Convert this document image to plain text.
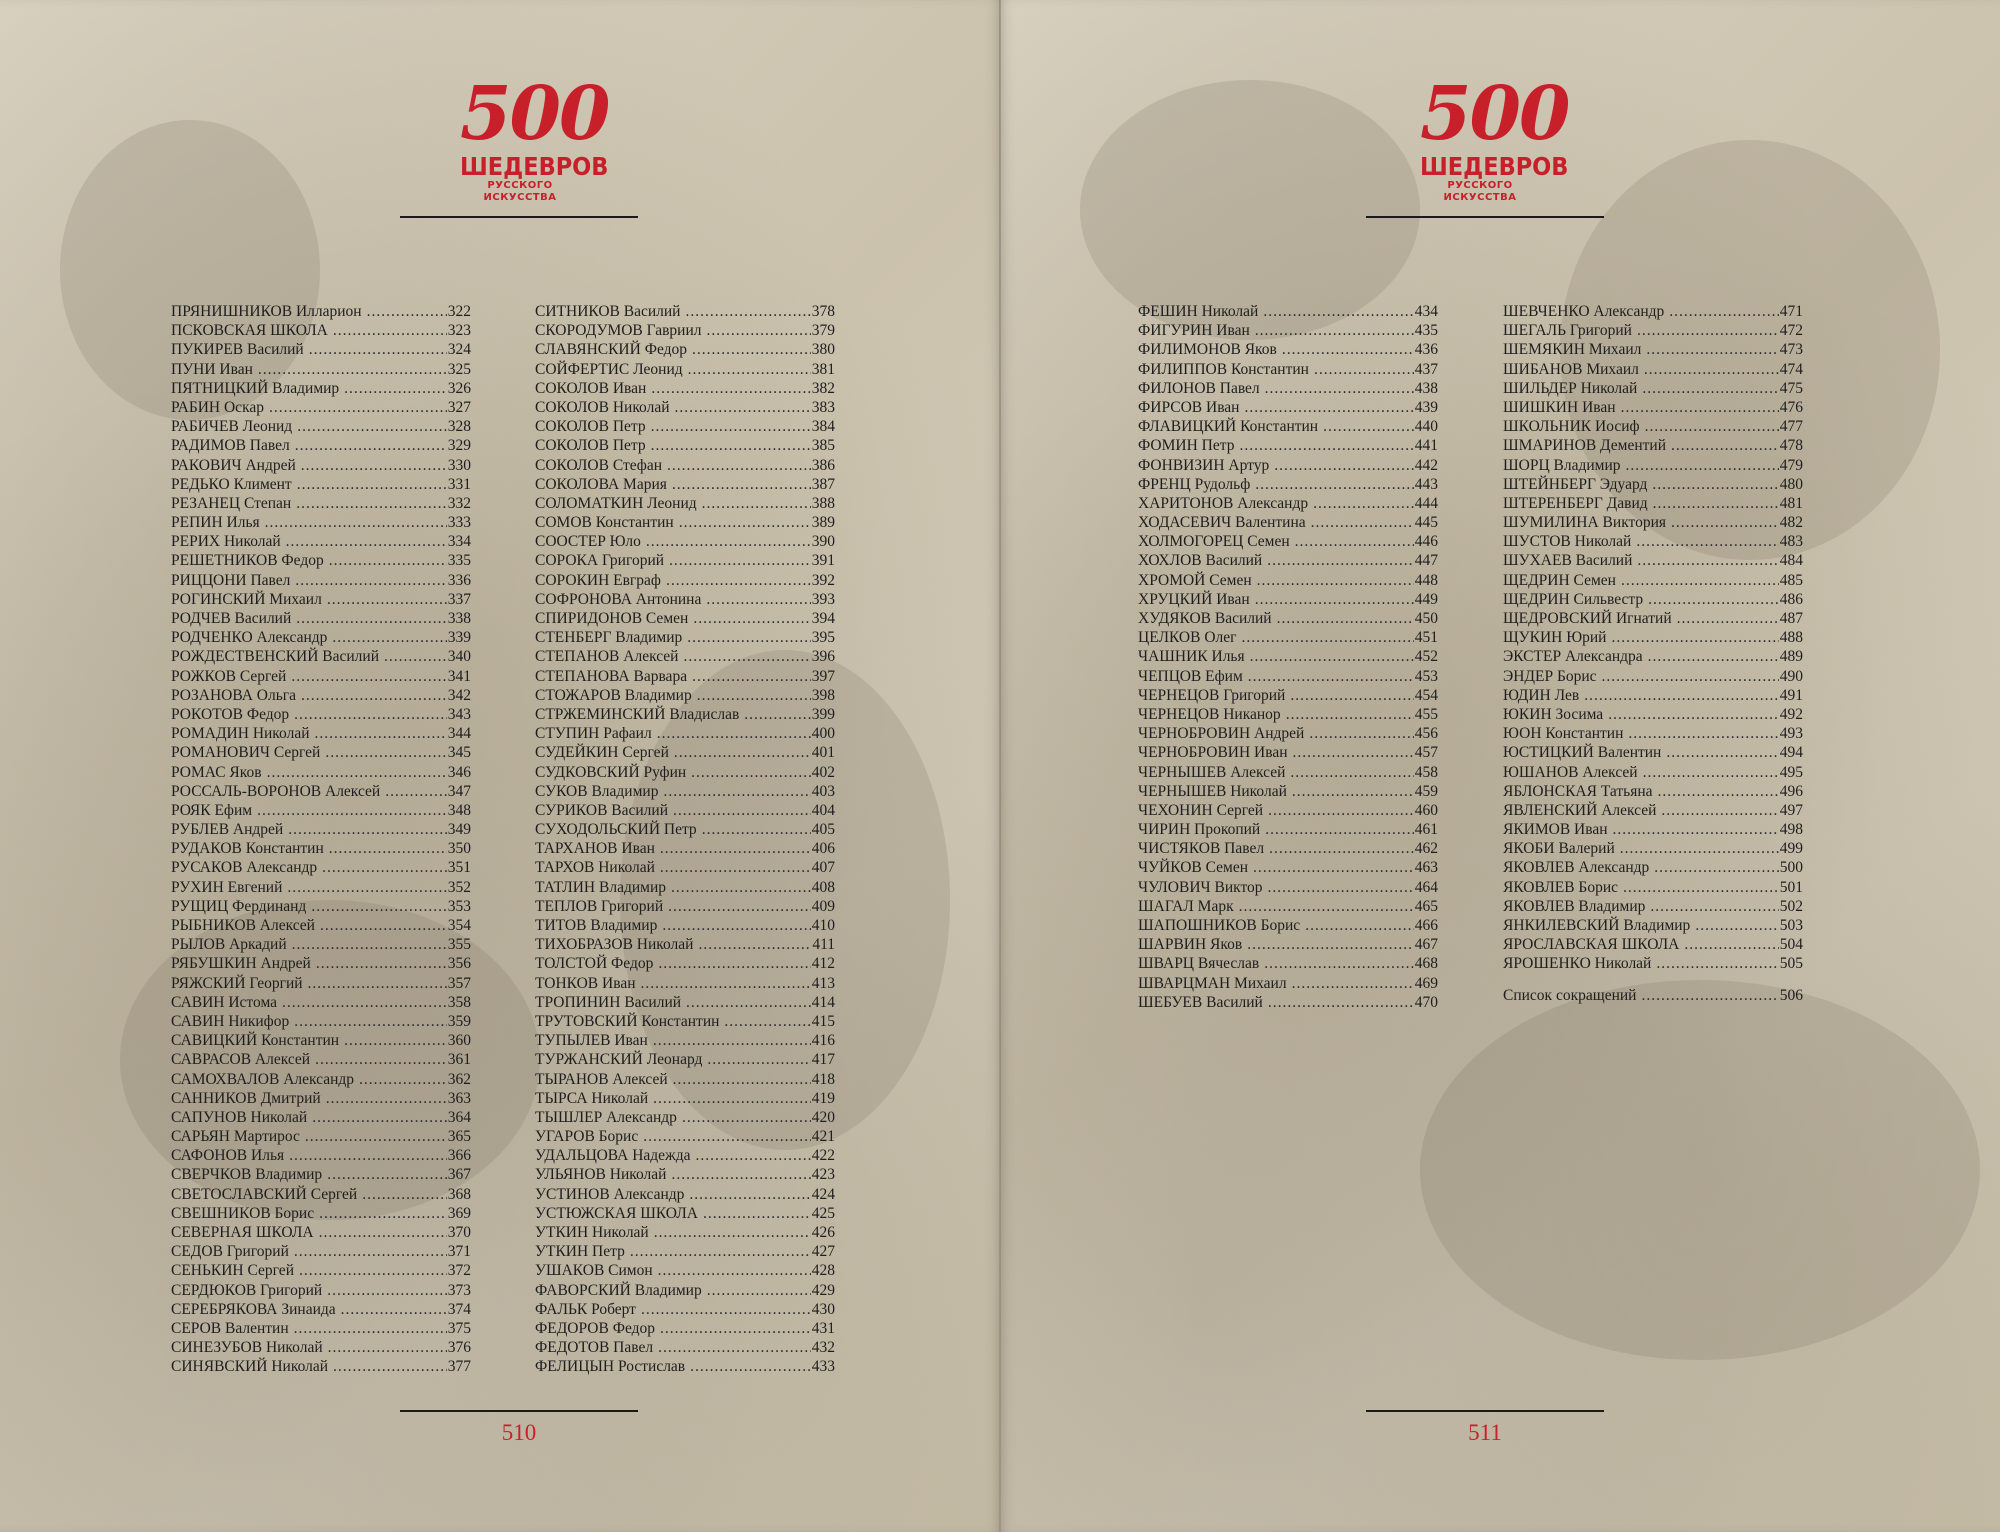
500
ШЕДЕВРОВ
РУССКОГО ИСКУССТВА
ПРЯНИШНИКОВ Илларион .....	322
ПСКОВСКАЯ ШКОЛА .....	323
ПУКИРЕВ Василий .....	324
ПУНИ Иван .....	325
ПЯТНИЦКИЙ Владимир .....	326
РАБИН Оскар .....	327
РАБИЧЕВ Леонид .....	328
РАДИМОВ Павел .....	329
РАКОВИЧ Андрей .....	330
РЕДЬКО Климент .....	331
РЕЗАНЕЦ Степан .....	332
РЕПИН Илья .....	333
РЕРИХ Николай .....	334
РЕШЕТНИКОВ Федор .....	335
РИЦЦОНИ Павел .....	336
РОГИНСКИЙ Михаил .....	337
РОДЧЕВ Василий .....	338
РОДЧЕНКО Александр .....	339
РОЖДЕСТВЕНСКИЙ Василий .....	340
РОЖКОВ Сергей .....	341
РОЗАНОВА Ольга .....	342
РОКОТОВ Федор .....	343
РОМАДИН Николай .....	344
РОМАНОВИЧ Сергей .....	345
РОМАС Яков .....	346
РОССАЛЬ-ВОРОНОВ Алексей .....	347
РОЯК Ефим .....	348
РУБЛЕВ Андрей .....	349
РУДАКОВ Константин .....	350
РУСАКОВ Александр .....	351
РУХИН Евгений .....	352
РУЩИЦ Фердинанд .....	353
РЫБНИКОВ Алексей .....	354
РЫЛОВ Аркадий .....	355
РЯБУШКИН Андрей .....	356
РЯЖСКИЙ Георгий .....	357
САВИН Истома .....	358
САВИН Никифор .....	359
САВИЦКИЙ Константин .....	360
САВРАСОВ Алексей .....	361
САМОХВАЛОВ Александр .....	362
САННИКОВ Дмитрий .....	363
САПУНОВ Николай .....	364
САРЬЯН Мартирос .....	365
САФОНОВ Илья .....	366
СВЕРЧКОВ Владимир .....	367
СВЕТОСЛАВСКИЙ Сергей .....	368
СВЕШНИКОВ Борис .....	369
СЕВЕРНАЯ ШКОЛА .....	370
СЕДОВ Григорий .....	371
СЕНЬКИН Сергей .....	372
СЕРДЮКОВ Григорий .....	373
СЕРЕБРЯКОВА Зинаида .....	374
СЕРОВ Валентин .....	375
СИНЕЗУБОВ Николай .....	376
СИНЯВСКИЙ Николай .....	377
СИТНИКОВ Василий .....	378
СКОРОДУМОВ Гавриил .....	379
СЛАВЯНСКИЙ Федор .....	380
СОЙФЕРТИС Леонид .....	381
СОКОЛОВ Иван .....	382
СОКОЛОВ Николай .....	383
СОКОЛОВ Петр .....	384
СОКОЛОВ Петр .....	385
СОКОЛОВ Стефан .....	386
СОКОЛОВА Мария .....	387
СОЛОМАТКИН Леонид .....	388
СОМОВ Константин .....	389
СООСТЕР Юло .....	390
СОРОКА Григорий .....	391
СОРОКИН Евграф .....	392
СОФРОНОВА Антонина .....	393
СПИРИДОНОВ Семен .....	394
СТЕНБЕРГ Владимир .....	395
СТЕПАНОВ Алексей .....	396
СТЕПАНОВА Варвара .....	397
СТОЖАРОВ Владимир .....	398
СТРЖЕМИНСКИЙ Владислав .....	399
СТУПИН Рафаил .....	400
СУДЕЙКИН Сергей .....	401
СУДКОВСКИЙ Руфин .....	402
СУКОВ Владимир .....	403
СУРИКОВ Василий .....	404
СУХОДОЛЬСКИЙ Петр .....	405
ТАРХАНОВ Иван .....	406
ТАРХОВ Николай .....	407
ТАТЛИН Владимир .....	408
ТЕПЛОВ Григорий .....	409
ТИТОВ Владимир .....	410
ТИХОБРАЗОВ Николай .....	411
ТОЛСТОЙ Федор .....	412
ТОНКОВ Иван .....	413
ТРОПИНИН Василий .....	414
ТРУТОВСКИЙ Константин .....	415
ТУПЫЛЕВ Иван .....	416
ТУРЖАНСКИЙ Леонард .....	417
ТЫРАНОВ Алексей .....	418
ТЫРСА Николай .....	419
ТЫШЛЕР Александр .....	420
УГАРОВ Борис .....	421
УДАЛЬЦОВА Надежда .....	422
УЛЬЯНОВ Николай .....	423
УСТИНОВ Александр .....	424
УСТЮЖСКАЯ ШКОЛА .....	425
УТКИН Николай .....	426
УТКИН Петр .....	427
УШАКОВ Симон .....	428
ФАВОРСКИЙ Владимир .....	429
ФАЛЬК Роберт .....	430
ФЕДОРОВ Федор .....	431
ФЕДОТОВ Павел .....	432
ФЕЛИЦЫН Ростислав .....	433
510
500
ШЕДЕВРОВ
РУССКОГО ИСКУССТВА
ФЕШИН Николай .....	434
ФИГУРИН Иван .....	435
ФИЛИМОНОВ Яков .....	436
ФИЛИППОВ Константин .....	437
ФИЛОНОВ Павел .....	438
ФИРСОВ Иван .....	439
ФЛАВИЦКИЙ Константин .....	440
ФОМИН Петр .....	441
ФОНВИЗИН Артур .....	442
ФРЕНЦ Рудольф .....	443
ХАРИТОНОВ Александр .....	444
ХОДАСЕВИЧ Валентина .....	445
ХОЛМОГОРЕЦ Семен .....	446
ХОХЛОВ Василий .....	447
ХРОМОЙ Семен .....	448
ХРУЦКИЙ Иван .....	449
ХУДЯКОВ Василий .....	450
ЦЕЛКОВ Олег .....	451
ЧАШНИК Илья .....	452
ЧЕПЦОВ Ефим .....	453
ЧЕРНЕЦОВ Григорий .....	454
ЧЕРНЕЦОВ Никанор .....	455
ЧЕРНОБРОВИН Андрей .....	456
ЧЕРНОБРОВИН Иван .....	457
ЧЕРНЫШЕВ Алексей .....	458
ЧЕРНЫШЕВ Николай .....	459
ЧЕХОНИН Сергей .....	460
ЧИРИН Прокопий .....	461
ЧИСТЯКОВ Павел .....	462
ЧУЙКОВ Семен .....	463
ЧУЛОВИЧ Виктор .....	464
ШАГАЛ Марк .....	465
ШАПОШНИКОВ Борис .....	466
ШАРВИН Яков .....	467
ШВАРЦ Вячеслав .....	468
ШВАРЦМАН Михаил .....	469
ШЕБУЕВ Василий .....	470
ШЕВЧЕНКО Александр .....	471
ШЕГАЛЬ Григорий .....	472
ШЕМЯКИН Михаил .....	473
ШИБАНОВ Михаил .....	474
ШИЛЬДЕР Николай .....	475
ШИШКИН Иван .....	476
ШКОЛЬНИК Иосиф .....	477
ШМАРИНОВ Дементий .....	478
ШОРЦ Владимир .....	479
ШТЕЙНБЕРГ Эдуард .....	480
ШТЕРЕНБЕРГ Давид .....	481
ШУМИЛИНА Виктория .....	482
ШУСТОВ Николай .....	483
ШУХАЕВ Василий .....	484
ЩЕДРИН Семен .....	485
ЩЕДРИН Сильвестр .....	486
ЩЕДРОВСКИЙ Игнатий .....	487
ЩУКИН Юрий .....	488
ЭКСТЕР Александра .....	489
ЭНДЕР Борис .....	490
ЮДИН Лев .....	491
ЮКИН Зосима .....	492
ЮОН Константин .....	493
ЮСТИЦКИЙ Валентин .....	494
ЮШАНОВ Алексей .....	495
ЯБЛОНСКАЯ Татьяна .....	496
ЯВЛЕНСКИЙ Алексей .....	497
ЯКИМОВ Иван .....	498
ЯКОБИ Валерий .....	499
ЯКОВЛЕВ Александр .....	500
ЯКОВЛЕВ Борис .....	501
ЯКОВЛЕВ Владимир .....	502
ЯНКИЛЕВСКИЙ Владимир .....	503
ЯРОСЛАВСКАЯ ШКОЛА .....	504
ЯРОШЕНКО Николай .....	505
Список сокращений .....	506
511
